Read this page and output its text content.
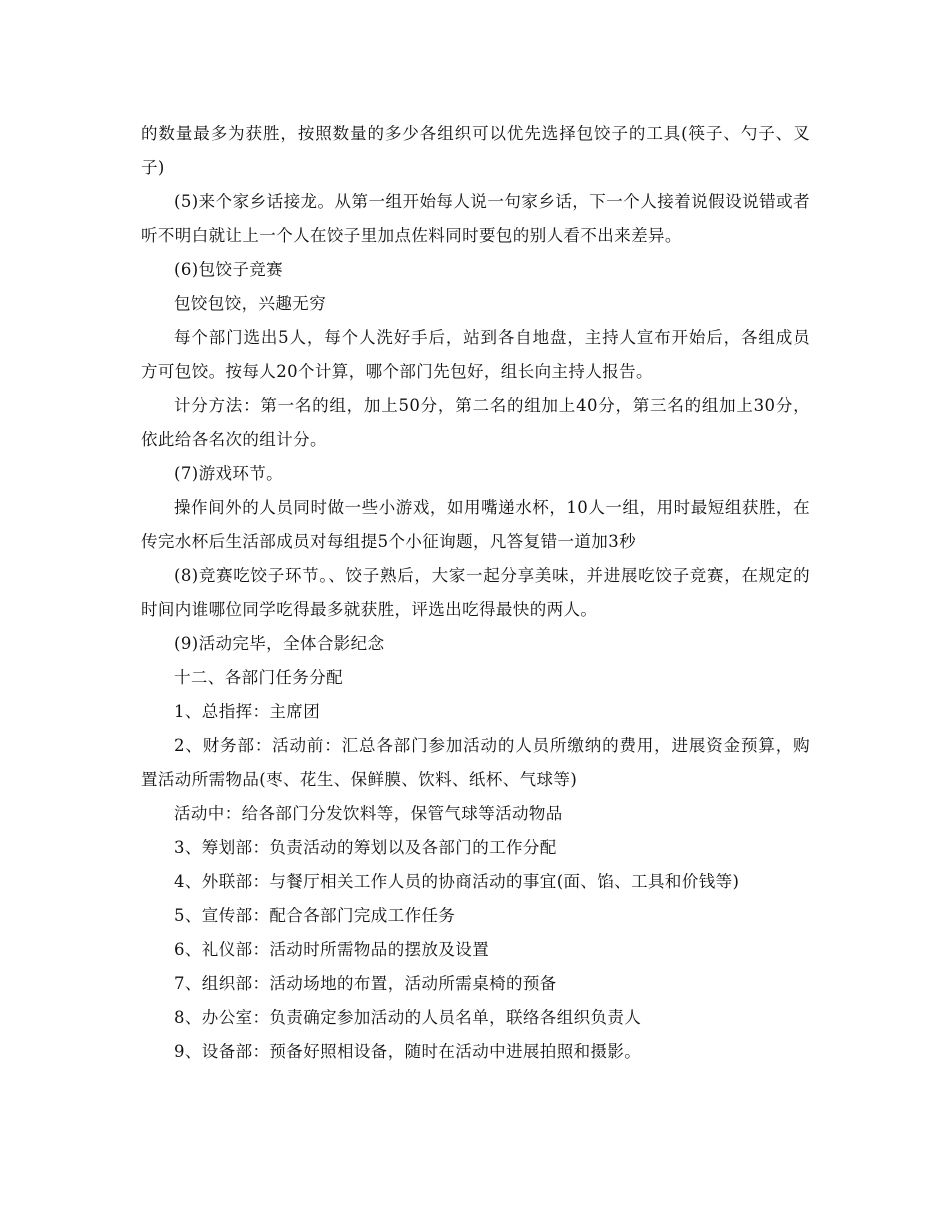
的数量最多为获胜，按照数量的多少各组织可以优先选择包饺子的工具(筷子、勺子、叉子)

(5)来个家乡话接龙。从第一组开始每人说一句家乡话，下一个人接着说假设说错或者听不明白就让上一个人在饺子里加点佐料同时要包的别人看不出来差异。

(6)包饺子竞赛

包饺包饺，兴趣无穷

每个部门选出5人，每个人洗好手后，站到各自地盘，主持人宣布开始后，各组成员方可包饺。按每人20个计算，哪个部门先包好，组长向主持人报告。

计分方法：第一名的组，加上50分，第二名的组加上40分，第三名的组加上30分，依此给各名次的组计分。

(7)游戏环节。

操作间外的人员同时做一些小游戏，如用嘴递水杯，10人一组，用时最短组获胜，在传完水杯后生活部成员对每组提5个小征询题，凡答复错一道加3秒

(8)竞赛吃饺子环节。、饺子熟后，大家一起分享美味，并进展吃饺子竞赛，在规定的时间内谁哪位同学吃得最多就获胜，评选出吃得最快的两人。

(9)活动完毕，全体合影纪念

十二、各部门任务分配

1、总指挥：主席团

2、财务部：活动前：汇总各部门参加活动的人员所缴纳的费用，进展资金预算，购置活动所需物品(枣、花生、保鲜膜、饮料、纸杯、气球等)

活动中：给各部门分发饮料等，保管气球等活动物品

3、筹划部：负责活动的筹划以及各部门的工作分配

4、外联部：与餐厅相关工作人员的协商活动的事宜(面、馅、工具和价钱等)

5、宣传部：配合各部门完成工作任务

6、礼仪部：活动时所需物品的摆放及设置

7、组织部：活动场地的布置，活动所需桌椅的预备

8、办公室：负责确定参加活动的人员名单，联络各组织负责人

9、设备部：预备好照相设备，随时在活动中进展拍照和摄影。
